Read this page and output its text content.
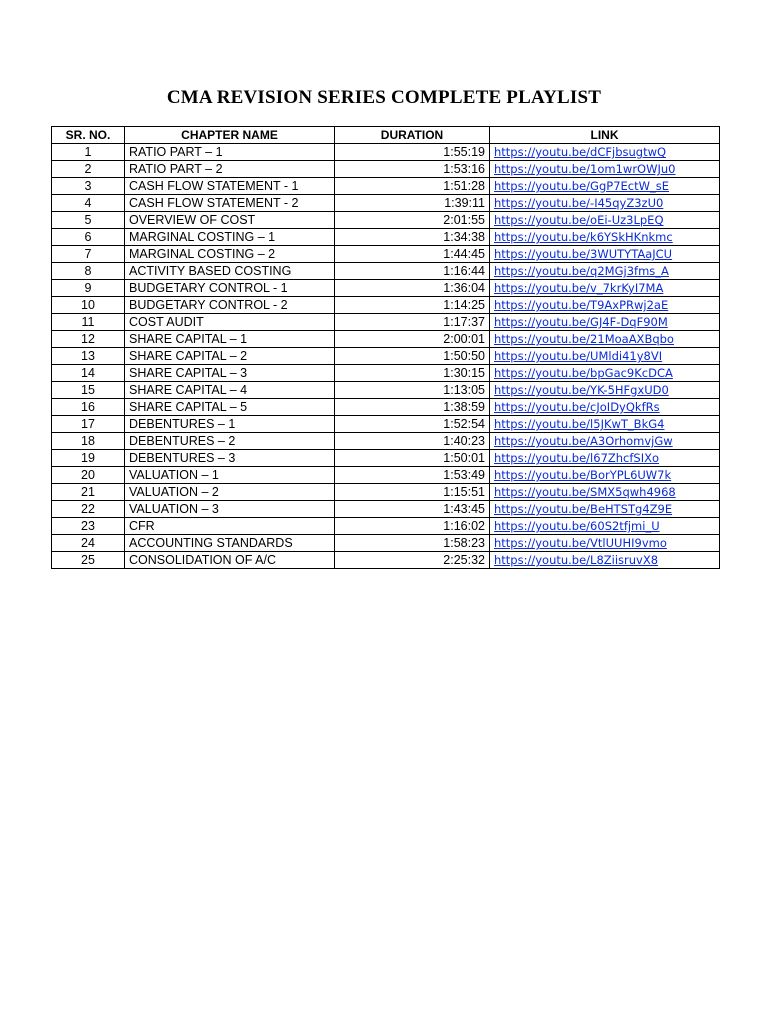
CMA REVISION SERIES COMPLETE PLAYLIST
SR. NO.	CHAPTER NAME	DURATION	LINK
1	RATIO PART – 1	1:55:19	https://youtu.be/dCFjbsugtwQ
2	RATIO PART – 2	1:53:16	https://youtu.be/1om1wrOWJu0
3	CASH FLOW STATEMENT - 1	1:51:28	https://youtu.be/GgP7EctW_sE
4	CASH FLOW STATEMENT - 2	1:39:11	https://youtu.be/-I45qyZ3zU0
5	OVERVIEW OF COST	2:01:55	https://youtu.be/oEi-Uz3LpEQ
6	MARGINAL COSTING – 1	1:34:38	https://youtu.be/k6YSkHKnkmc
7	MARGINAL COSTING – 2	1:44:45	https://youtu.be/3WUTYTAaJCU
8	ACTIVITY BASED COSTING	1:16:44	https://youtu.be/q2MGj3fms_A
9	BUDGETARY CONTROL - 1	1:36:04	https://youtu.be/v_7krKyI7MA
10	BUDGETARY CONTROL - 2	1:14:25	https://youtu.be/T9AxPRwj2aE
11	COST AUDIT	1:17:37	https://youtu.be/GJ4F-DqF90M
12	SHARE CAPITAL – 1	2:00:01	https://youtu.be/21MoaAXBqbo
13	SHARE CAPITAL – 2	1:50:50	https://youtu.be/UMldi41y8VI
14	SHARE CAPITAL – 3	1:30:15	https://youtu.be/bpGac9KcDCA
15	SHARE CAPITAL – 4	1:13:05	https://youtu.be/YK-5HFgxUD0
16	SHARE CAPITAL – 5	1:38:59	https://youtu.be/cJoIDyQkfRs
17	DEBENTURES – 1	1:52:54	https://youtu.be/l5JKwT_BkG4
18	DEBENTURES – 2	1:40:23	https://youtu.be/A3OrhomvjGw
19	DEBENTURES – 3	1:50:01	https://youtu.be/l67ZhcfSIXo
20	VALUATION – 1	1:53:49	https://youtu.be/BorYPL6UW7k
21	VALUATION – 2	1:15:51	https://youtu.be/SMX5qwh4968
22	VALUATION – 3	1:43:45	https://youtu.be/BeHTSTg4Z9E
23	CFR	1:16:02	https://youtu.be/60S2tfjmi_U
24	ACCOUNTING STANDARDS	1:58:23	https://youtu.be/VtlUUHI9vmo
25	CONSOLIDATION OF A/C	2:25:32	https://youtu.be/L8ZiisruvX8
